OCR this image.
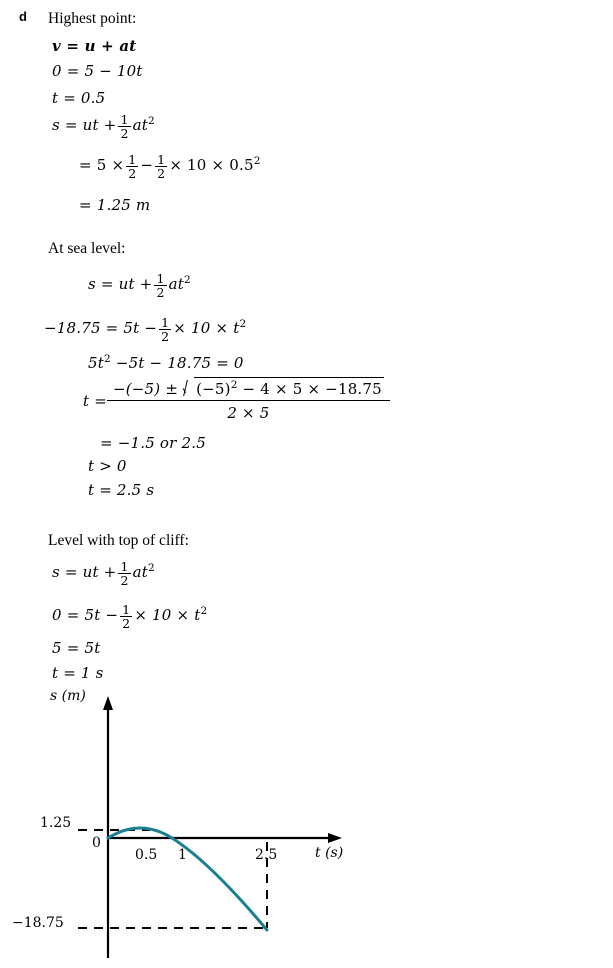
d Highest point:
v = u + at
0 = 5 − 10t
t = 0.5
s = ut + $\frac{1}{2} at^2$
= $5 \times \frac{1}{2} - \frac{1}{2} \times 10 \times 0.5^2$
= 1.25 m
At sea level:
s = ut + $\frac{1}{2} at^2$
$-18.75 = 5t - \frac{1}{2} \times 10 \times t^2$
$5t^2 -5t - 18.75 = 0$
$t = \frac{-(-5) \pm (-5)^2 - 4 \times 5 \times -18.75}{2 \times 5}$
= −1.5 or 2.5
t > 0
t = 2.5 s
Level with top of cliff:
s = ut + $\frac{1}{2} at^2$
$0 = 5t - \frac{1}{2} \times 10 \times t^2$
5 = 5t
t = 1 s
s (m)
t (s)
1.25
0
−18.75
0.5 1	2.5
